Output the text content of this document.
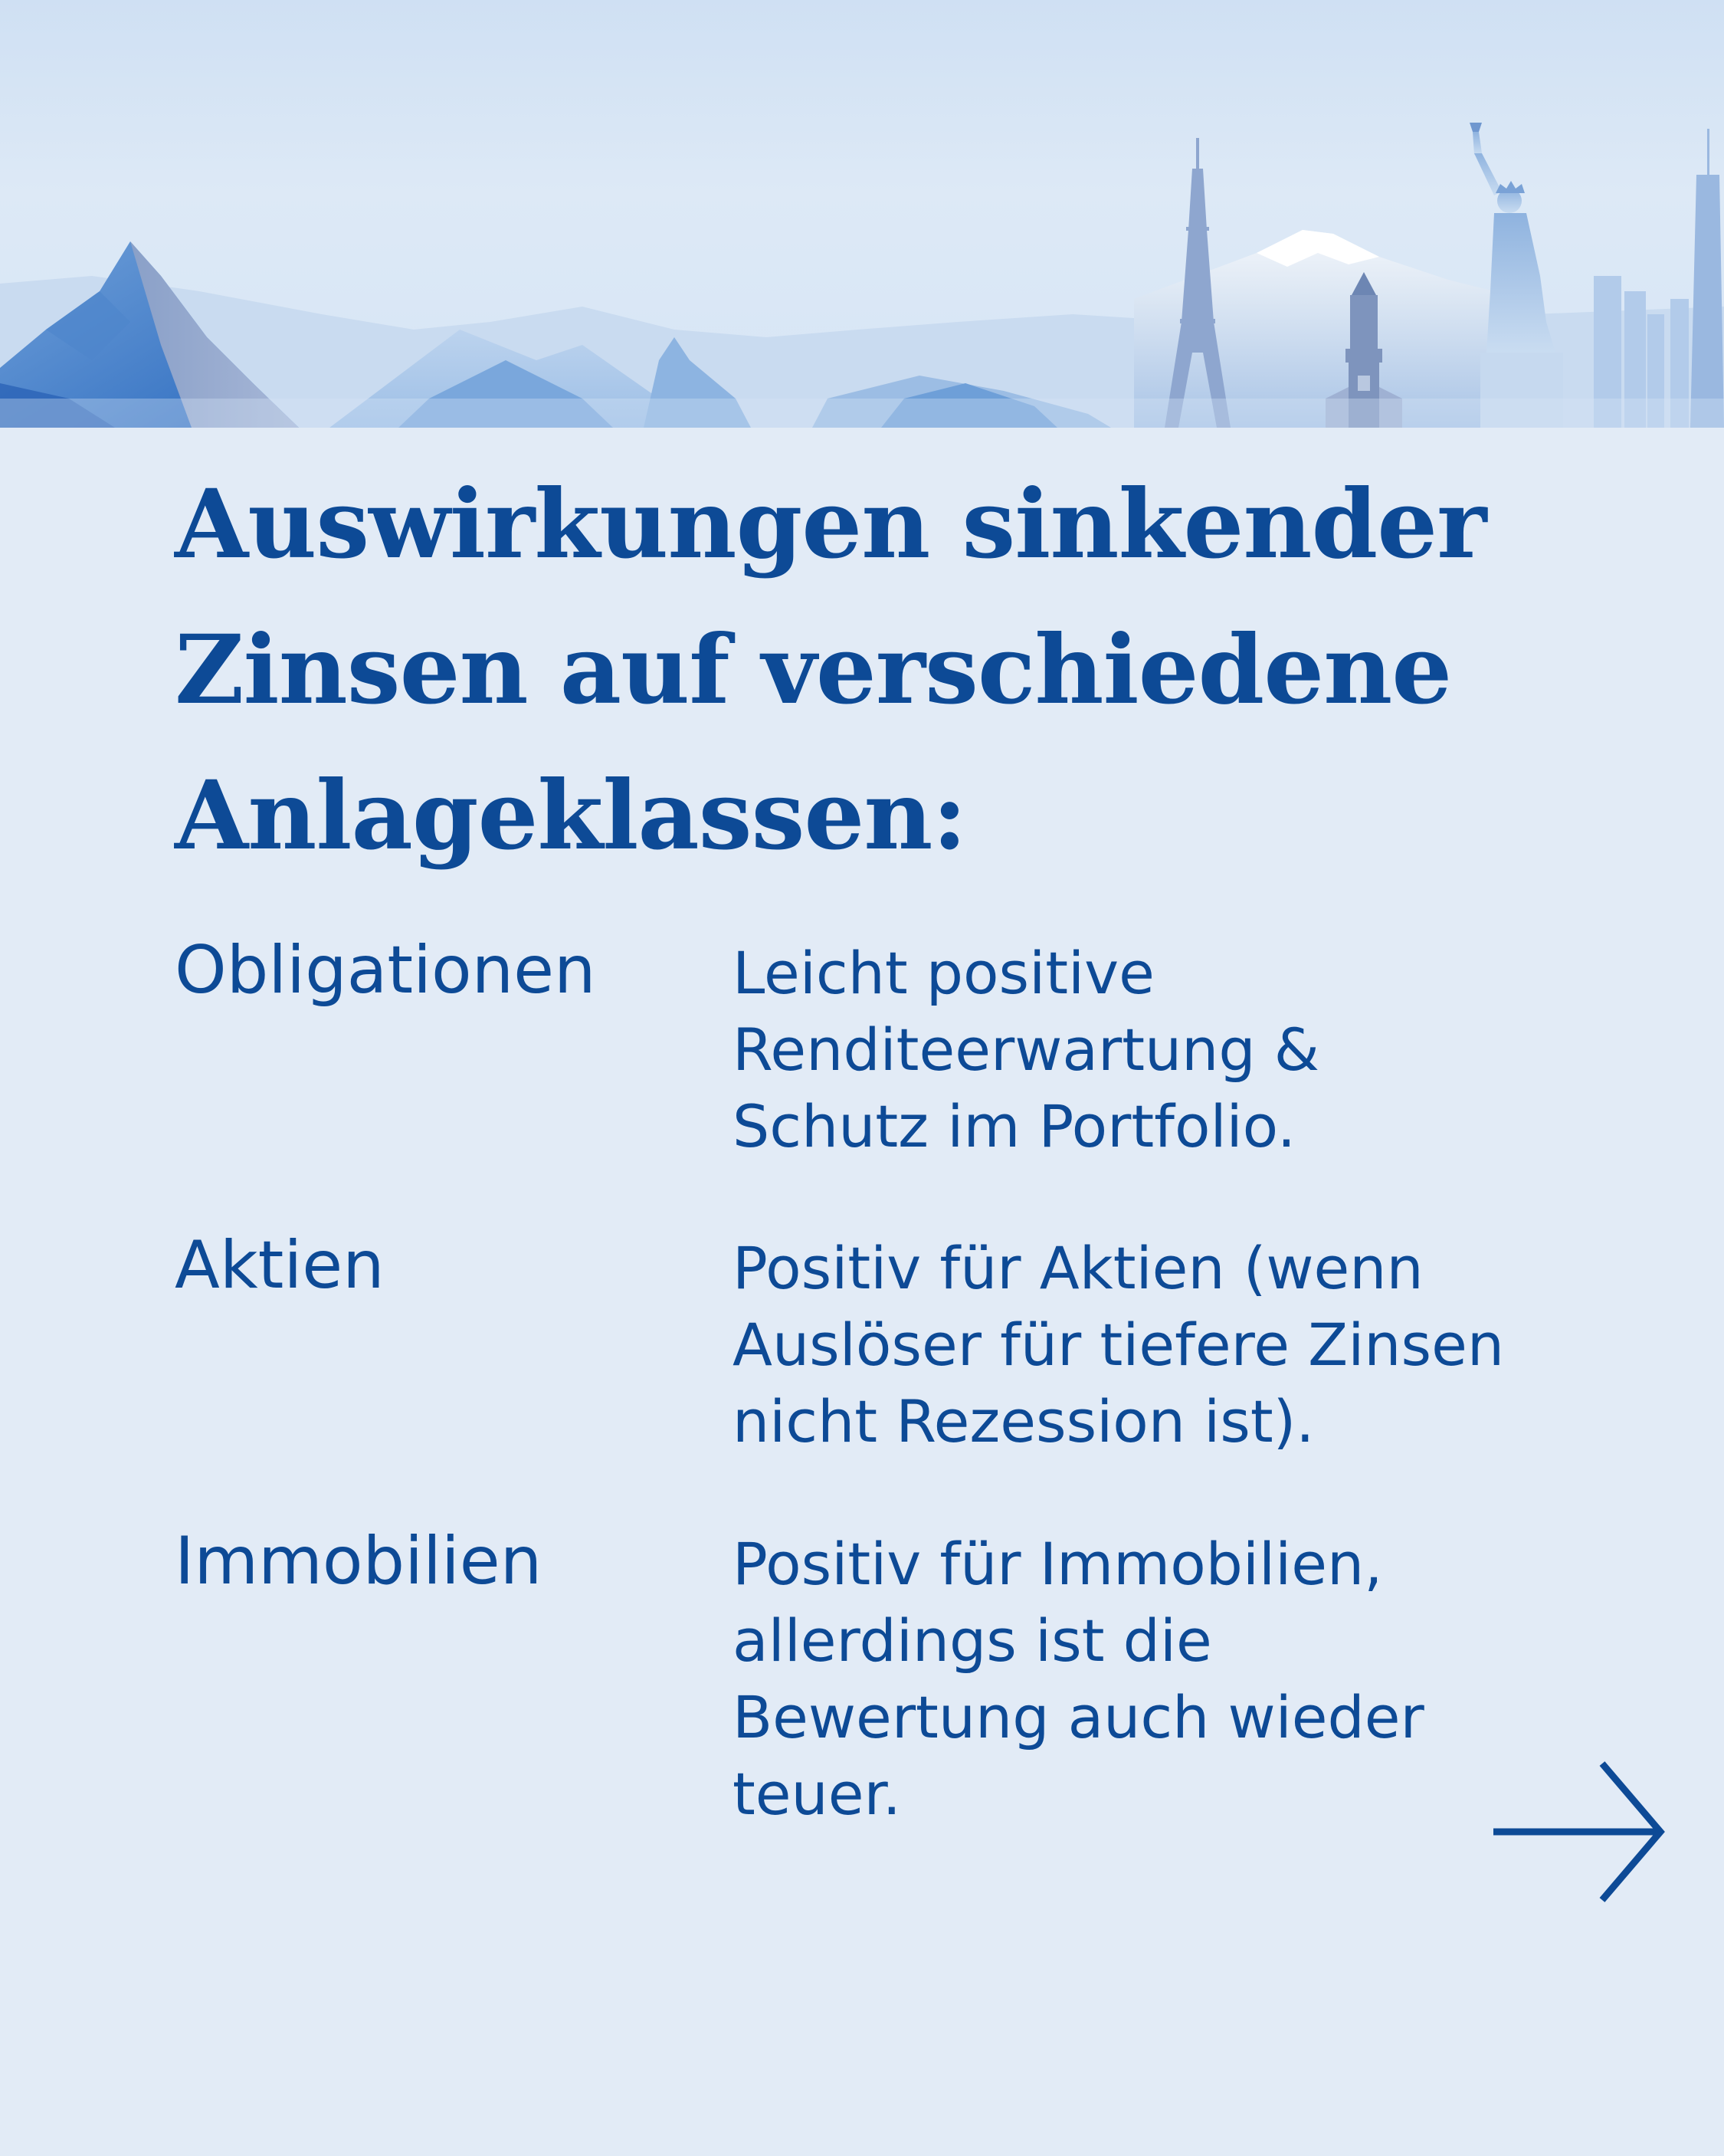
Auswirkungen sinkender Zinsen auf verschiedene Anlageklassen:
Obligationen Leicht positive
Renditeerwartung &
Schutz im Portfolio.
Aktien	Positiv für Aktien (wenn
Auslöser für tiefere Zinsen
nicht Rezession ist).
Immobilien	Positiv für Immobilien,
allerdings ist die
Bewertung auch wieder
teuer.
